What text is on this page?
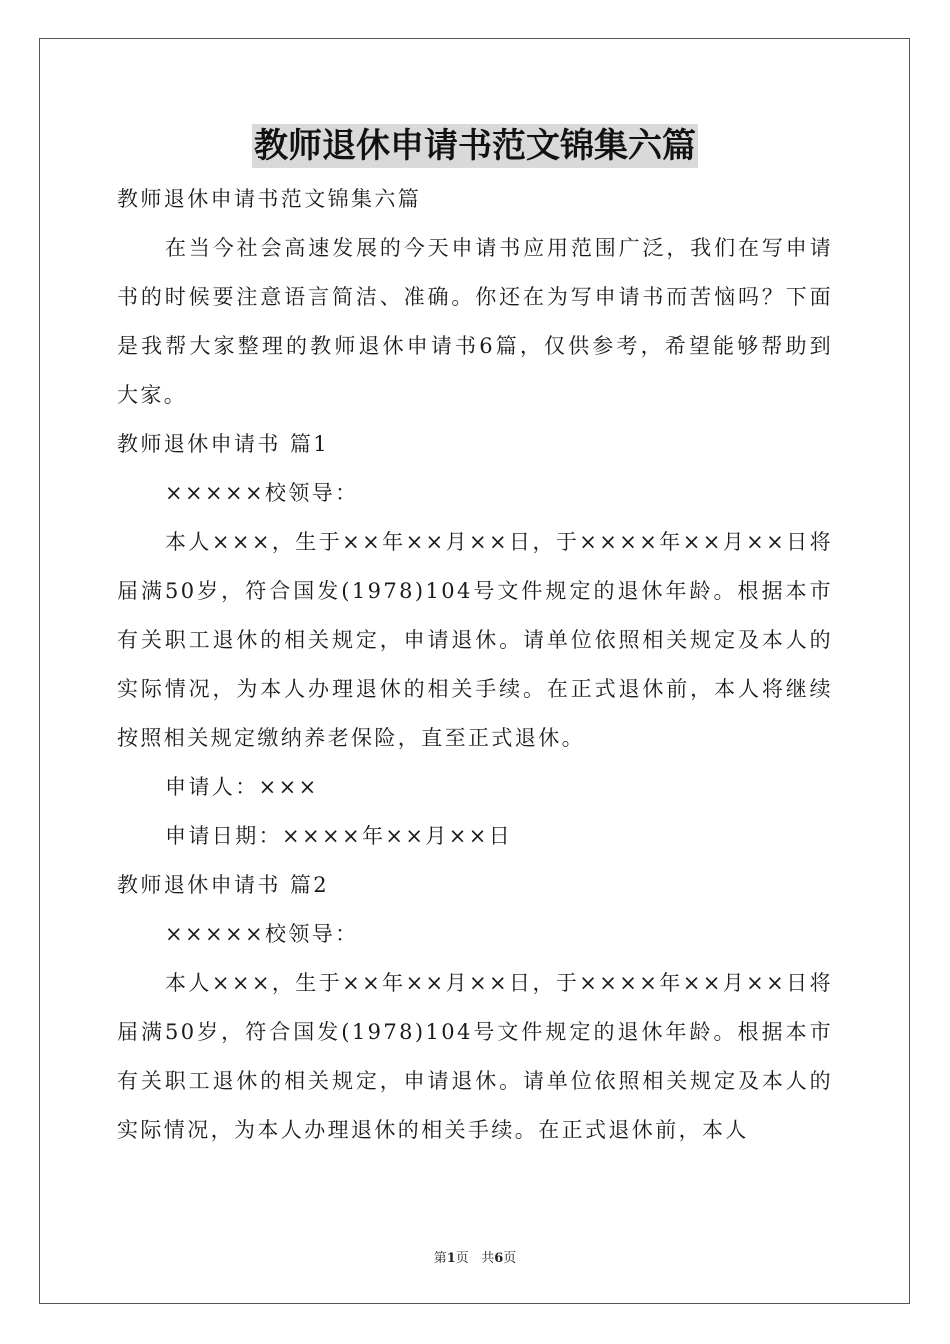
教师退休申请书范文锦集六篇

教师退休申请书范文锦集六篇

在当今社会高速发展的今天申请书应用范围广泛，我们在写申请书的时候要注意语言简洁、准确。你还在为写申请书而苦恼吗？下面是我帮大家整理的教师退休申请书6篇，仅供参考，希望能够帮助到大家。

教师退休申请书 篇1

×××××校领导：

本人×××，生于××年××月××日，于××××年××月××日将届满50岁，符合国发(1978)104号文件规定的退休年龄。根据本市有关职工退休的相关规定，申请退休。请单位依照相关规定及本人的实际情况，为本人办理退休的相关手续。在正式退休前，本人将继续按照相关规定缴纳养老保险，直至正式退休。

申请人：×××

申请日期：××××年××月××日

教师退休申请书 篇2

×××××校领导：

本人×××，生于××年××月××日，于××××年××月××日将届满50岁，符合国发(1978)104号文件规定的退休年龄。根据本市有关职工退休的相关规定，申请退休。请单位依照相关规定及本人的实际情况，为本人办理退休的相关手续。在正式退休前，本人

第1页 共6页
